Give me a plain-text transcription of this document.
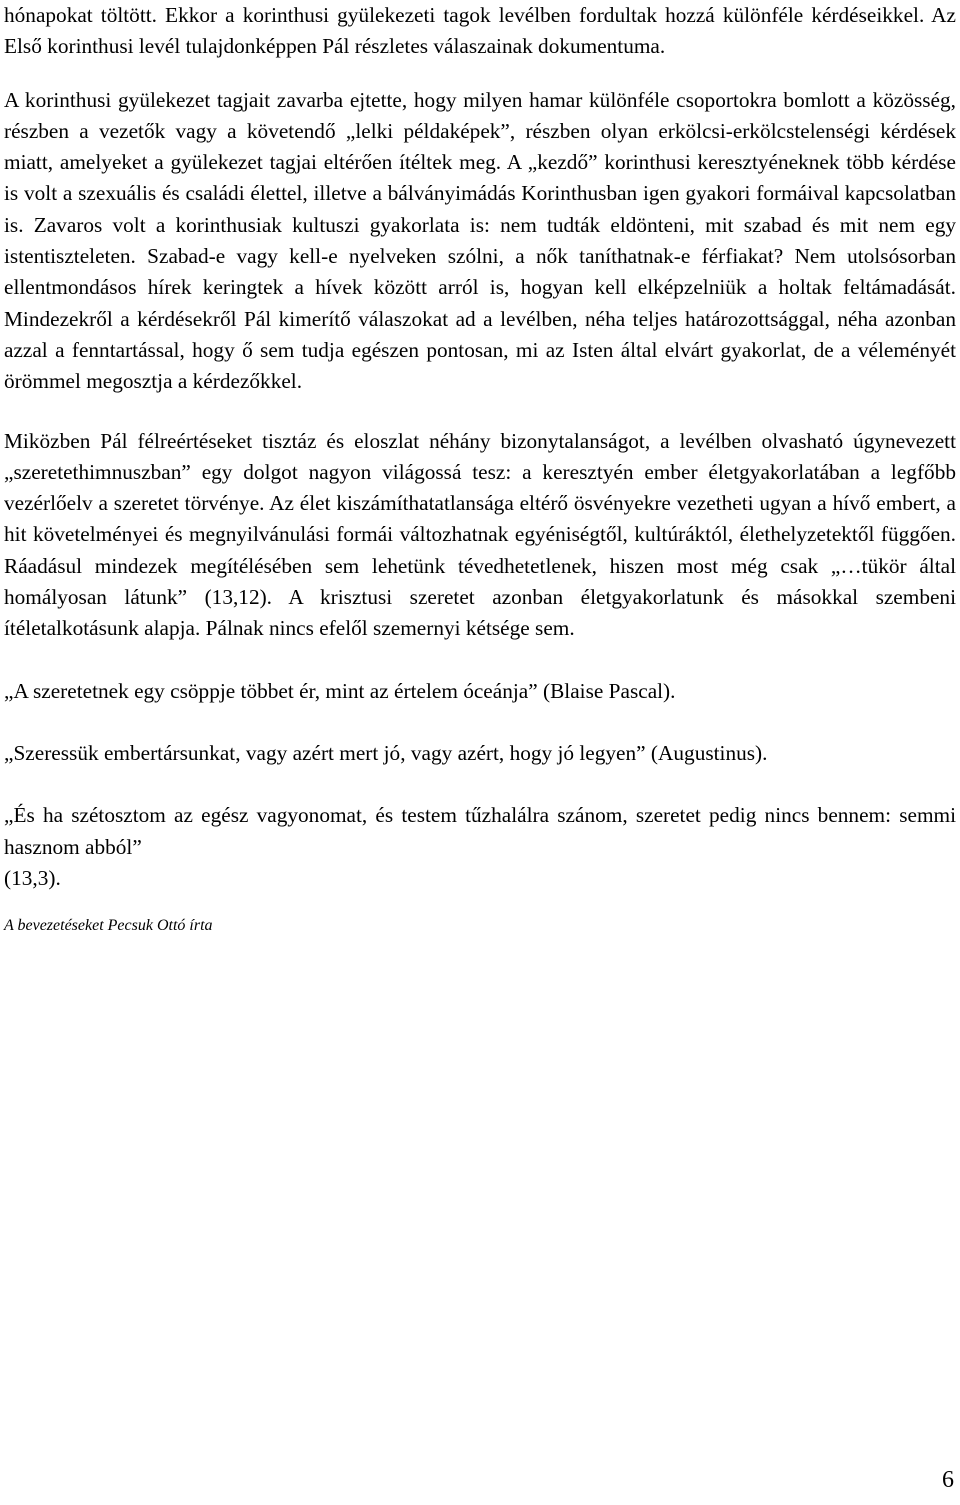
hónapokat töltött. Ekkor a korinthusi gyülekezeti tagok levélben fordultak hozzá különféle kérdéseikkel. Az Első korinthusi levél tulajdonképpen Pál részletes válaszainak dokumentuma.

A korinthusi gyülekezet tagjait zavarba ejtette, hogy milyen hamar különféle csoportokra bomlott a közösség, részben a vezetők vagy a követendő „lelki példaképek”, részben olyan erkölcsi-erkölcstelenségi kérdések miatt, amelyeket a gyülekezet tagjai eltérően ítéltek meg. A „kezdő” korinthusi keresztyéneknek több kérdése is volt a szexuális és családi élettel, illetve a bálványimádás Korinthusban igen gyakori formáival kapcsolatban is. Zavaros volt a korinthusiak kultuszi gyakorlata is: nem tudták eldönteni, mit szabad és mit nem egy istentiszteleten. Szabad-e vagy kell-e nyelveken szólni, a nők taníthatnak-e férfiakat? Nem utolsósorban ellentmondásos hírek keringtek a hívek között arról is, hogyan kell elképzelniük a holtak feltámadását. Mindezekről a kérdésekről Pál kimerítő válaszokat ad a levélben, néha teljes határozottsággal, néha azonban azzal a fenntartással, hogy ő sem tudja egészen pontosan, mi az Isten által elvárt gyakorlat, de a véleményét örömmel megosztja a kérdezőkkel.

Miközben Pál félreértéseket tisztáz és eloszlat néhány bizonytalanságot, a levélben olvasható úgynevezett „szeretethimnuszban” egy dolgot nagyon világossá tesz: a keresztyén ember életgyakorlatában a legfőbb vezérlőelv a szeretet törvénye. Az élet kiszámíthatatlansága eltérő ösvényekre vezetheti ugyan a hívő embert, a hit követelményei és megnyilvánulási formái változhatnak egyéniségtől, kultúráktól, élethelyzetektől függően. Ráadásul mindezek megítélésében sem lehetünk tévedhetetlenek, hiszen most még csak „…tükör által homályosan látunk” (13,12). A krisztusi szeretet azonban életgyakorlatunk és másokkal szembeni ítéletalkotásunk alapja. Pálnak nincs efelől szemernyi kétsége sem.

„A szeretetnek egy csöppje többet ér, mint az értelem óceánja” (Blaise Pascal).

„Szeressük embertársunkat, vagy azért mert jó, vagy azért, hogy jó legyen” (Augustinus).

„És ha szétosztom az egész vagyonomat, és testem tűzhalálra szánom, szeretet pedig nincs bennem: semmi hasznom abból”

(13,3).

A bevezetéseket Pecsuk Ottó írta

6
